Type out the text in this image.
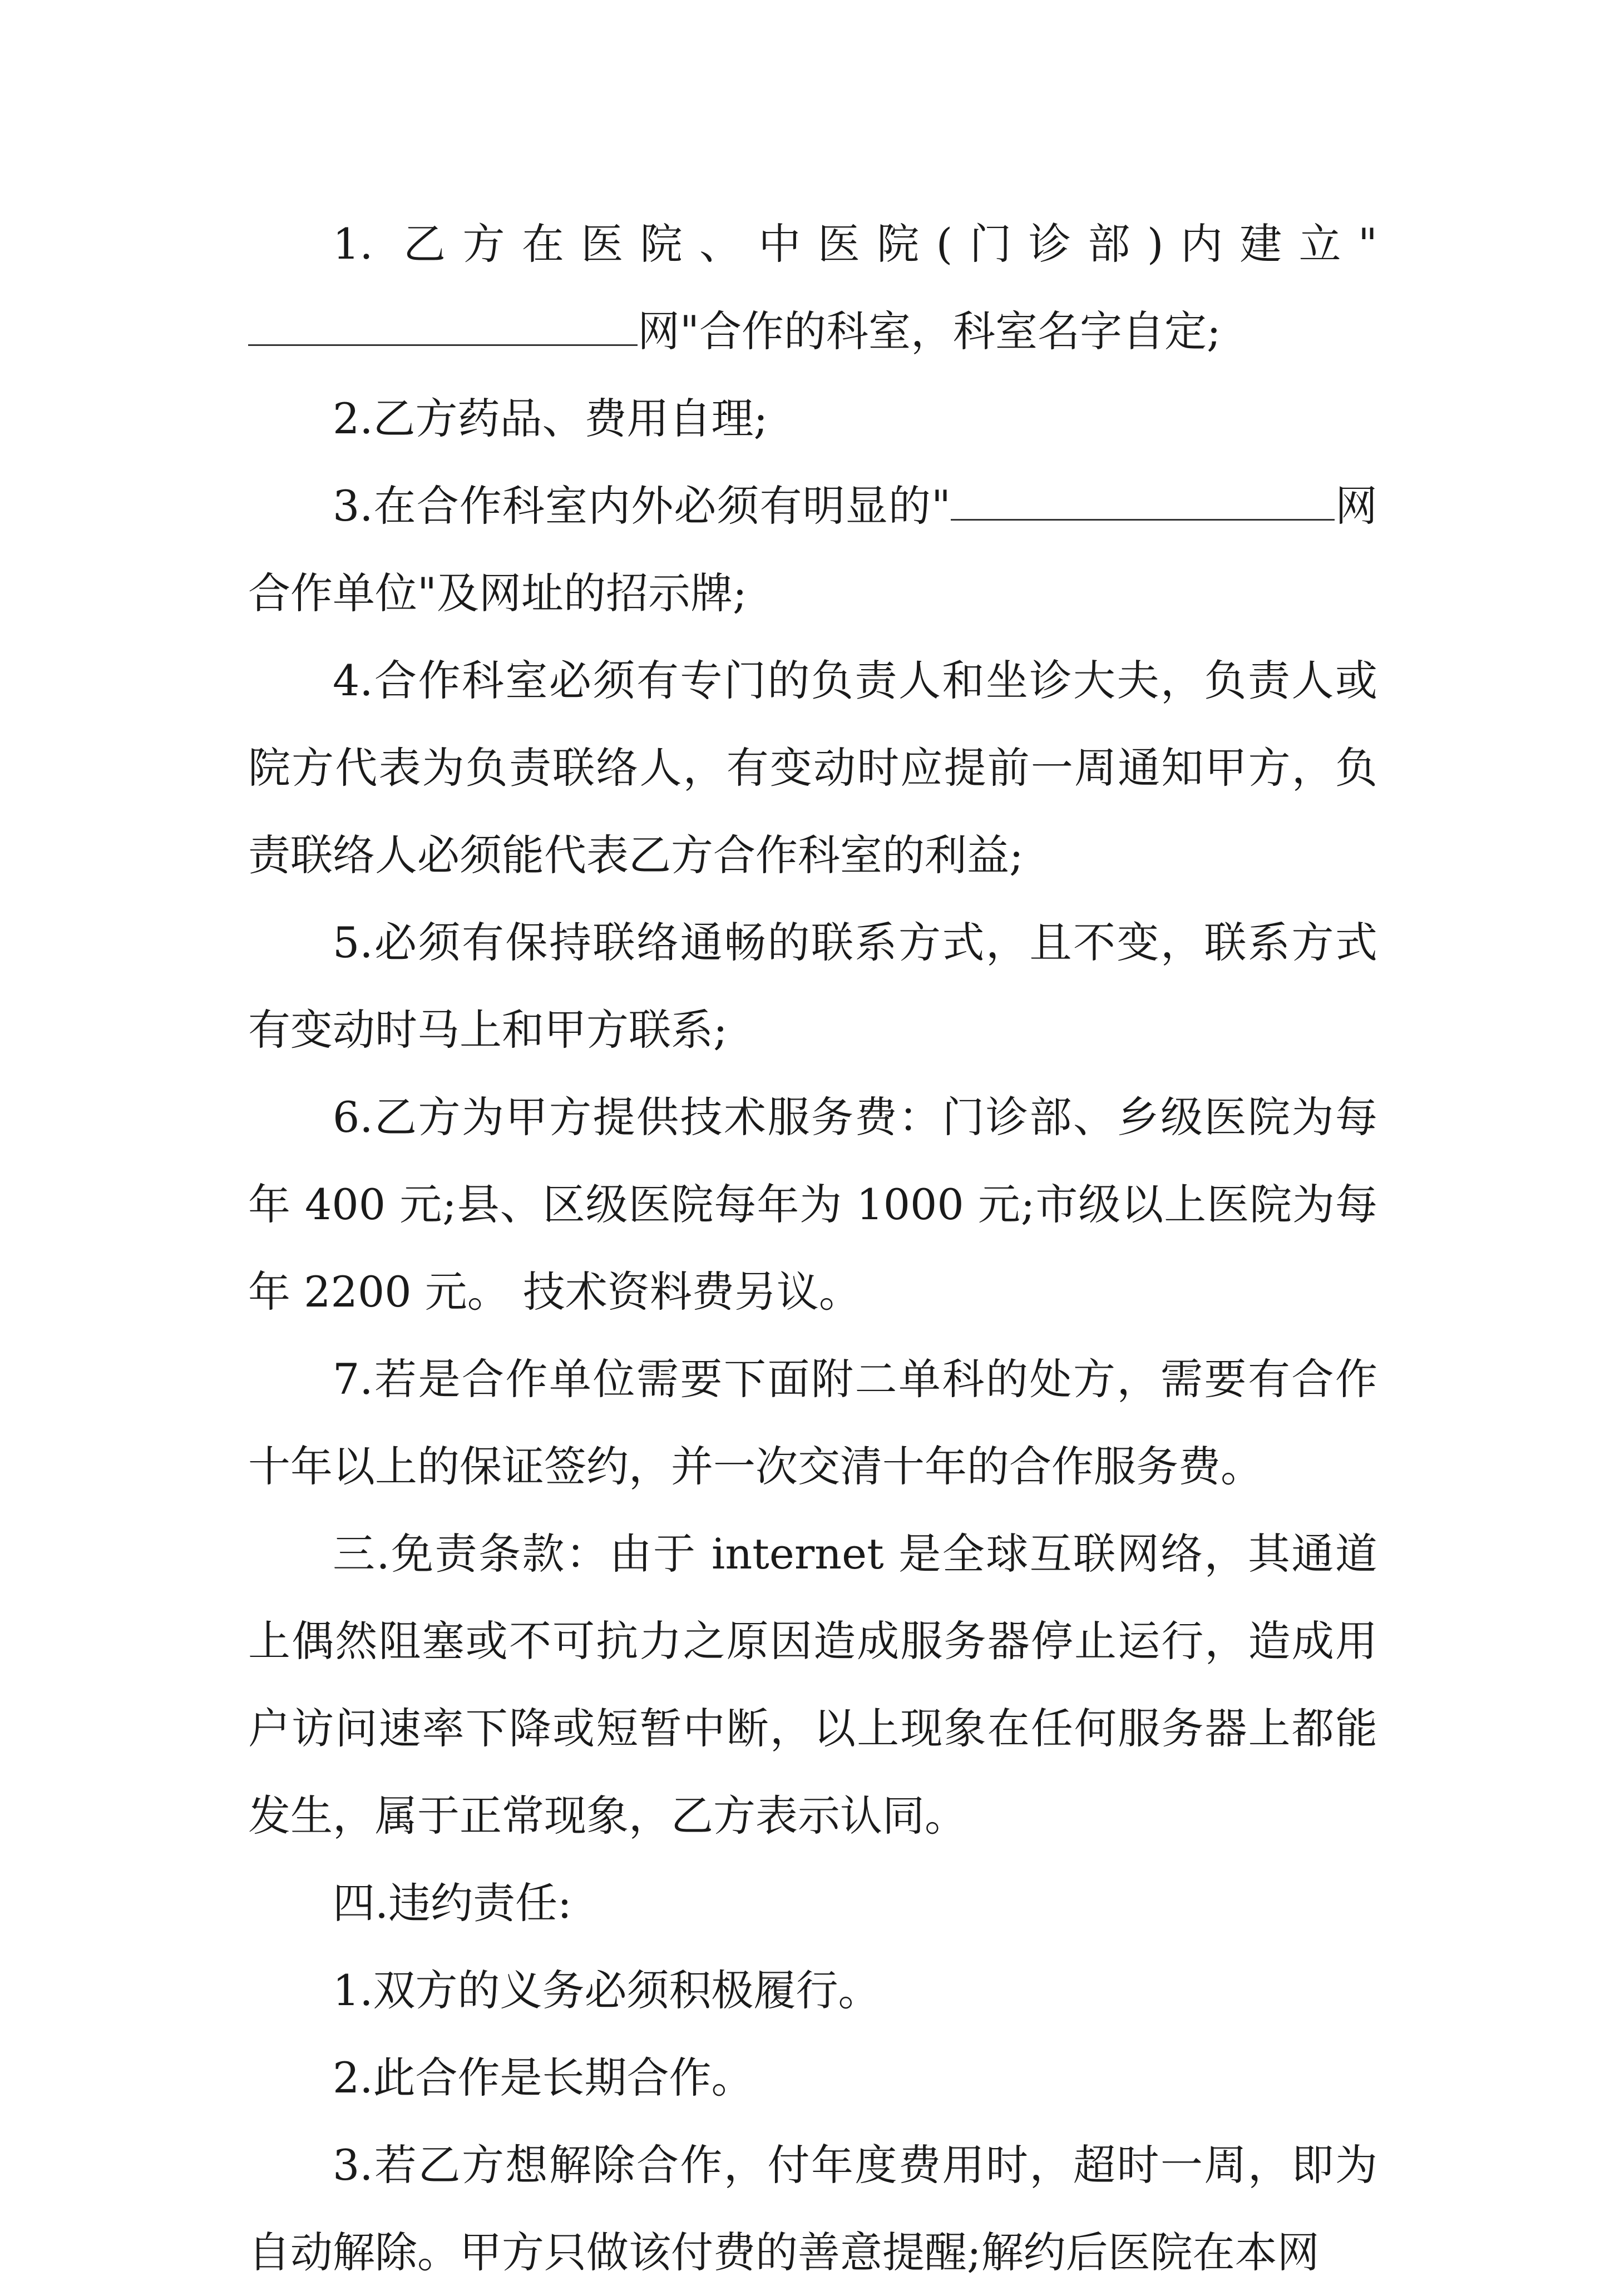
1. 乙方在医院、中医院(门诊部)内建立"网"合作的科室，科室名字自定;

2.乙方药品、费用自理;

3.在合作科室内外必须有明显的"	网合作单位"及网址的招示牌;

4.合作科室必须有专门的负责人和坐诊大夫，负责人或院方代表为负责联络人，有变动时应提前一周通知甲方，负责联络人必须能代表乙方合作科室的利益;

5.必须有保持联络通畅的联系方式，且不变，联系方式有变动时马上和甲方联系;

6.乙方为甲方提供技术服务费：门诊部、乡级医院为每年 400 元;县、区级医院每年为 1000 元;市级以上医院为每年 2200 元。 技术资料费另议。

7.若是合作单位需要下面附二单科的处方，需要有合作十年以上的保证签约，并一次交清十年的合作服务费。

三.免责条款：由于 internet 是全球互联网络，其通道上偶然阻塞或不可抗力之原因造成服务器停止运行，造成用户访问速率下降或短暂中断，以上现象在任何服务器上都能发生，属于正常现象，乙方表示认同。

四.违约责任:

1.双方的义务必须积极履行。

2.此合作是长期合作。

3.若乙方想解除合作，付年度费用时，超时一周，即为自动解除。甲方只做该付费的善意提醒;解约后医院在本网
